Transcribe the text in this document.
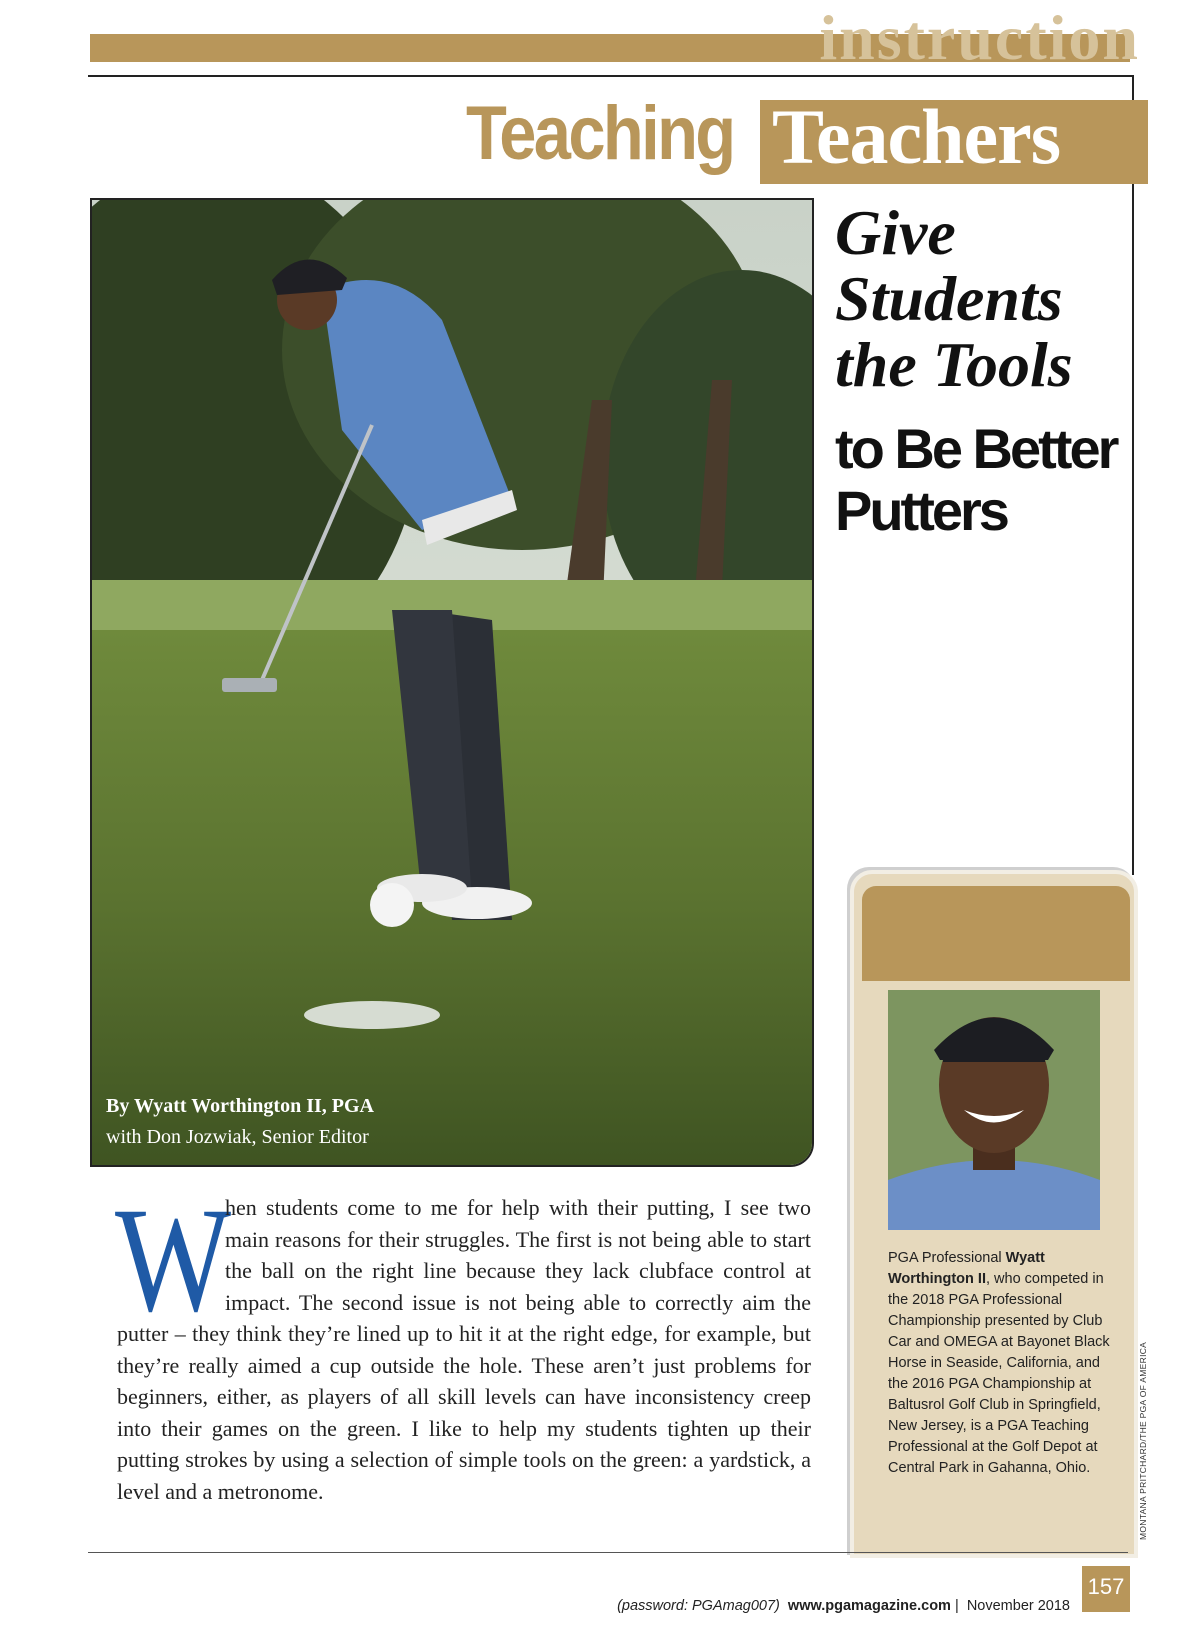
instruction
Teaching Teachers
By Wyatt Worthington II, PGA
with Don Jozwiak, Senior Editor
Give Students the Tools
to Be Better Putters
W
hen students come to me for help with their putting, I see two main reasons for their struggles. The first is not being able to start the ball on the right line because they lack clubface control at impact. The second issue is not being able to correctly aim the putter – they think they’re lined up to hit it at the right edge, for example, but they’re really aimed a cup outside the hole. These aren’t just problems for beginners, either, as players of all skill levels can have inconsistency creep into their games on the green. I like to help my students tighten up their putting strokes by using a selection of simple tools on the green: a yardstick, a level and a metronome.
PGA Professional Wyatt Worthington II, who competed in the 2018 PGA Professional Championship presented by Club Car and OMEGA at Bayonet Black Horse in Seaside, California, and the 2016 PGA Championship at Baltusrol Golf Club in Springfield, New Jersey, is a PGA Teaching Professional at the Golf Depot at Central Park in Gahanna, Ohio.	MONTANA PRITCHARD/THE PGA OF AMERICA
(password: PGAmag007) www.pgamagazine.com | November 2018
157
